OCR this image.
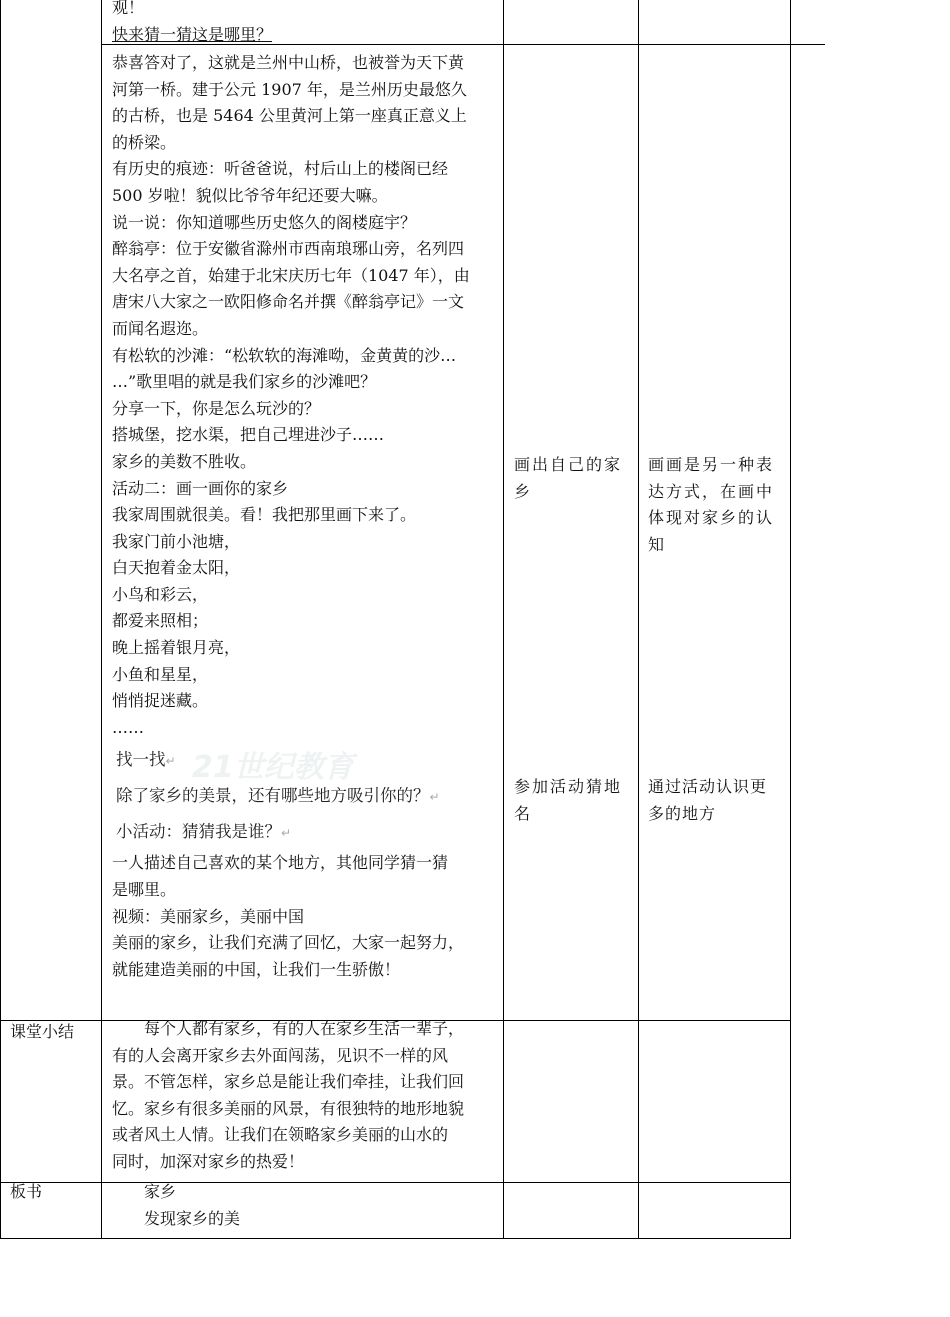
观！

快来猜一猜这是哪里？

恭喜答对了，这就是兰州中山桥，也被誉为天下黄

河第一桥。建于公元 1907 年，是兰州历史最悠久

的古桥，也是 5464 公里黄河上第一座真正意义上

的桥梁。

有历史的痕迹：听爸爸说，村后山上的楼阁已经

500 岁啦！貌似比爷爷年纪还要大嘛。

说一说：你知道哪些历史悠久的阁楼庭宇？

醉翁亭：位于安徽省滁州市西南琅琊山旁，名列四

大名亭之首，始建于北宋庆历七年（1047 年），由

唐宋八大家之一欧阳修命名并撰《醉翁亭记》一文

而闻名遐迩。

有松软的沙滩：“松软软的海滩呦，金黄黄的沙…

…”歌里唱的就是我们家乡的沙滩吧？

分享一下，你是怎么玩沙的？

搭城堡，挖水渠，把自己埋进沙子……

家乡的美数不胜收。

活动二：画一画你的家乡

我家周围就很美。看！我把那里画下来了。

我家门前小池塘，

白天抱着金太阳，

小鸟和彩云，

都爱来照相；

晚上摇着银月亮，

小鱼和星星，

悄悄捉迷藏。

……

21世纪教育

找一找↵

除了家乡的美景，还有哪些地方吸引你的？↵

小活动：猜猜我是谁？↵

一人描述自己喜欢的某个地方，其他同学猜一猜

是哪里。

视频：美丽家乡，美丽中国

美丽的家乡，让我们充满了回忆，大家一起努力，

就能建造美丽的中国，让我们一生骄傲！

画出自己的家

乡

参加活动猜地

名

画画是另一种表

达方式，在画中

体现对家乡的认

知

通过活动认识更

多的地方

课堂小结 　　每个人都有家乡，有的人在家乡生活一辈子，

有的人会离开家乡去外面闯荡，见识不一样的风

景。不管怎样，家乡总是能让我们牵挂，让我们回

忆。家乡有很多美丽的风景，有很独特的地形地貌

或者风土人情。让我们在领略家乡美丽的山水的

同时，加深对家乡的热爱！

板书	　　家乡

　　发现家乡的美
